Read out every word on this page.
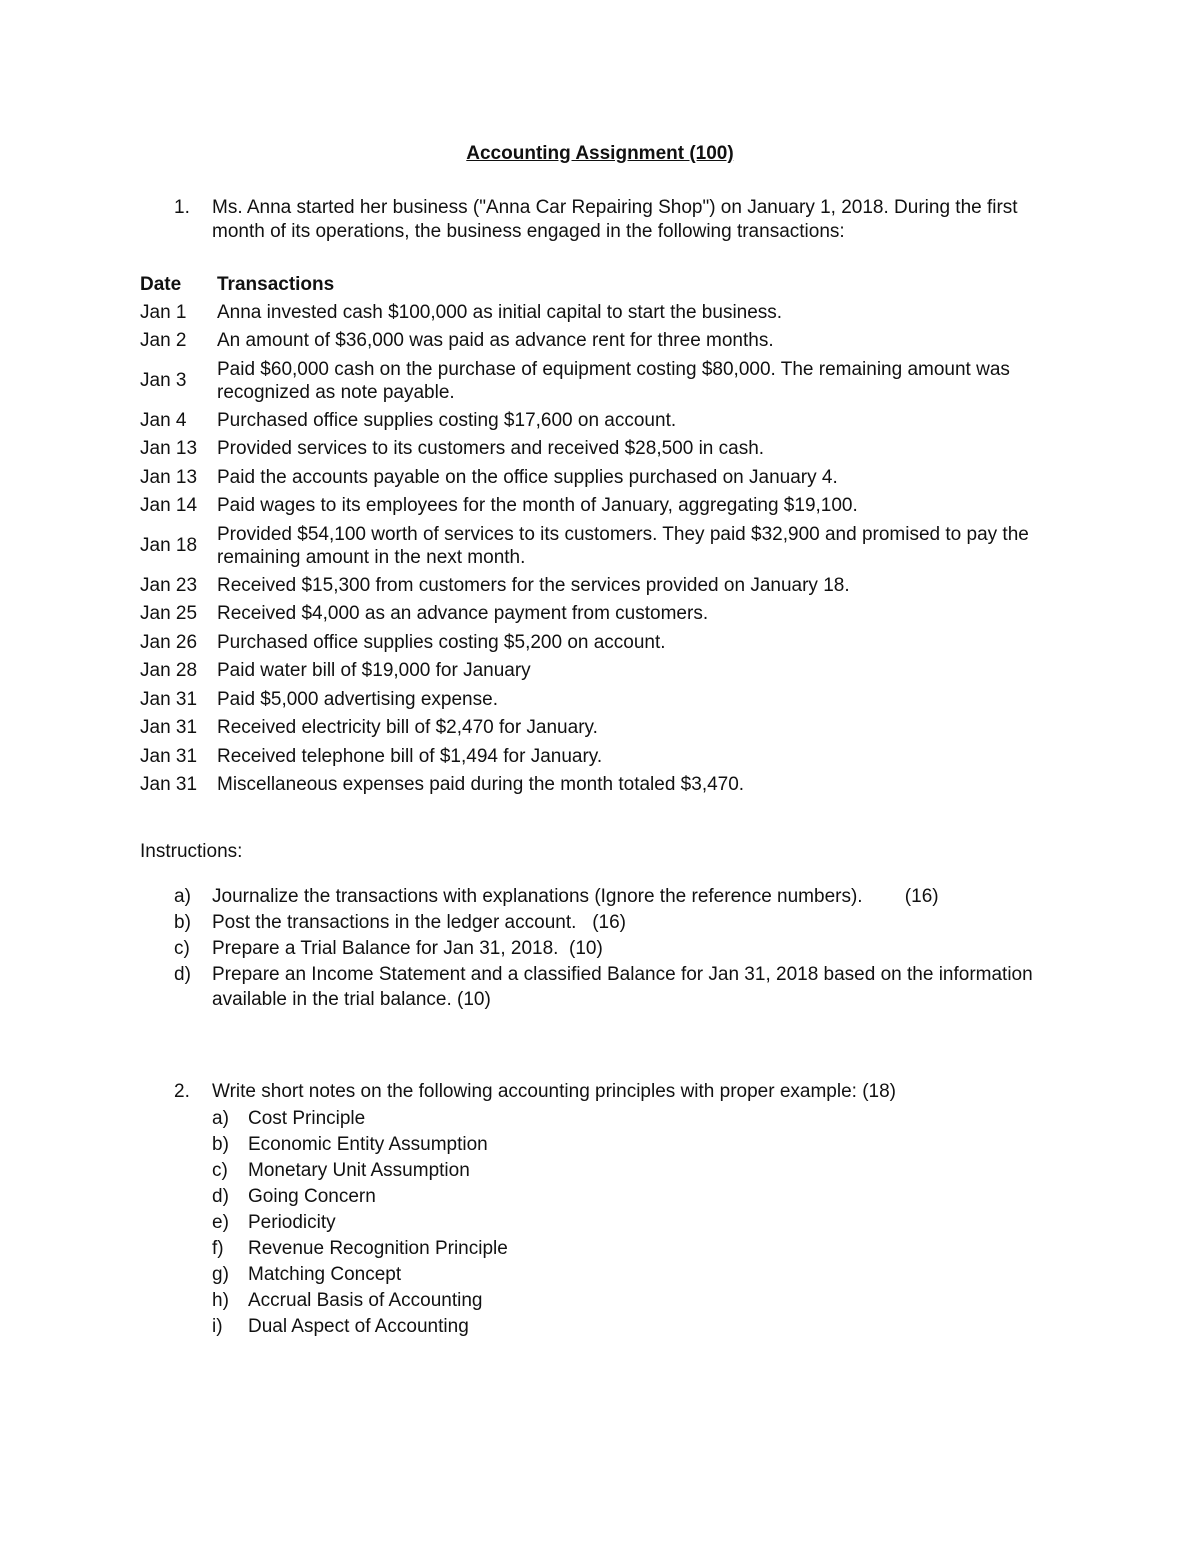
Accounting Assignment (100)
1. Ms. Anna started her business ("Anna Car Repairing Shop") on January 1, 2018. During the first month of its operations, the business engaged in the following transactions:
Date	Transactions
Jan 1	Anna invested cash $100,000 as initial capital to start the business.
Jan 2	An amount of $36,000 was paid as advance rent for three months.
Jan 3	Paid $60,000 cash on the purchase of equipment costing $80,000. The remaining amount was recognized as note payable.
Jan 4	Purchased office supplies costing $17,600 on account.
Jan 13	Provided services to its customers and received $28,500 in cash.
Jan 13	Paid the accounts payable on the office supplies purchased on January 4.
Jan 14	Paid wages to its employees for the month of January, aggregating $19,100.
Jan 18	Provided $54,100 worth of services to its customers. They paid $32,900 and promised to pay the remaining amount in the next month.
Jan 23	Received $15,300 from customers for the services provided on January 18.
Jan 25	Received $4,000 as an advance payment from customers.
Jan 26	Purchased office supplies costing $5,200 on account.
Jan 28	Paid water bill of $19,000 for January
Jan 31	Paid $5,000 advertising expense.
Jan 31	Received electricity bill of $2,470 for January.
Jan 31	Received telephone bill of $1,494 for January.
Jan 31	Miscellaneous expenses paid during the month totaled $3,470.
Instructions:
a) Journalize the transactions with explanations (Ignore the reference numbers).        (16)
b) Post the transactions in the ledger account.   (16)
c) Prepare a Trial Balance for Jan 31, 2018.  (10)
d) Prepare an Income Statement and a classified Balance for Jan 31, 2018 based on the information available in the trial balance. (10)
2. Write short notes on the following accounting principles with proper example: (18)
a) Cost Principle
b) Economic Entity Assumption
c) Monetary Unit Assumption
d) Going Concern
e) Periodicity
f) Revenue Recognition Principle
g) Matching Concept
h) Accrual Basis of Accounting
i) Dual Aspect of Accounting
